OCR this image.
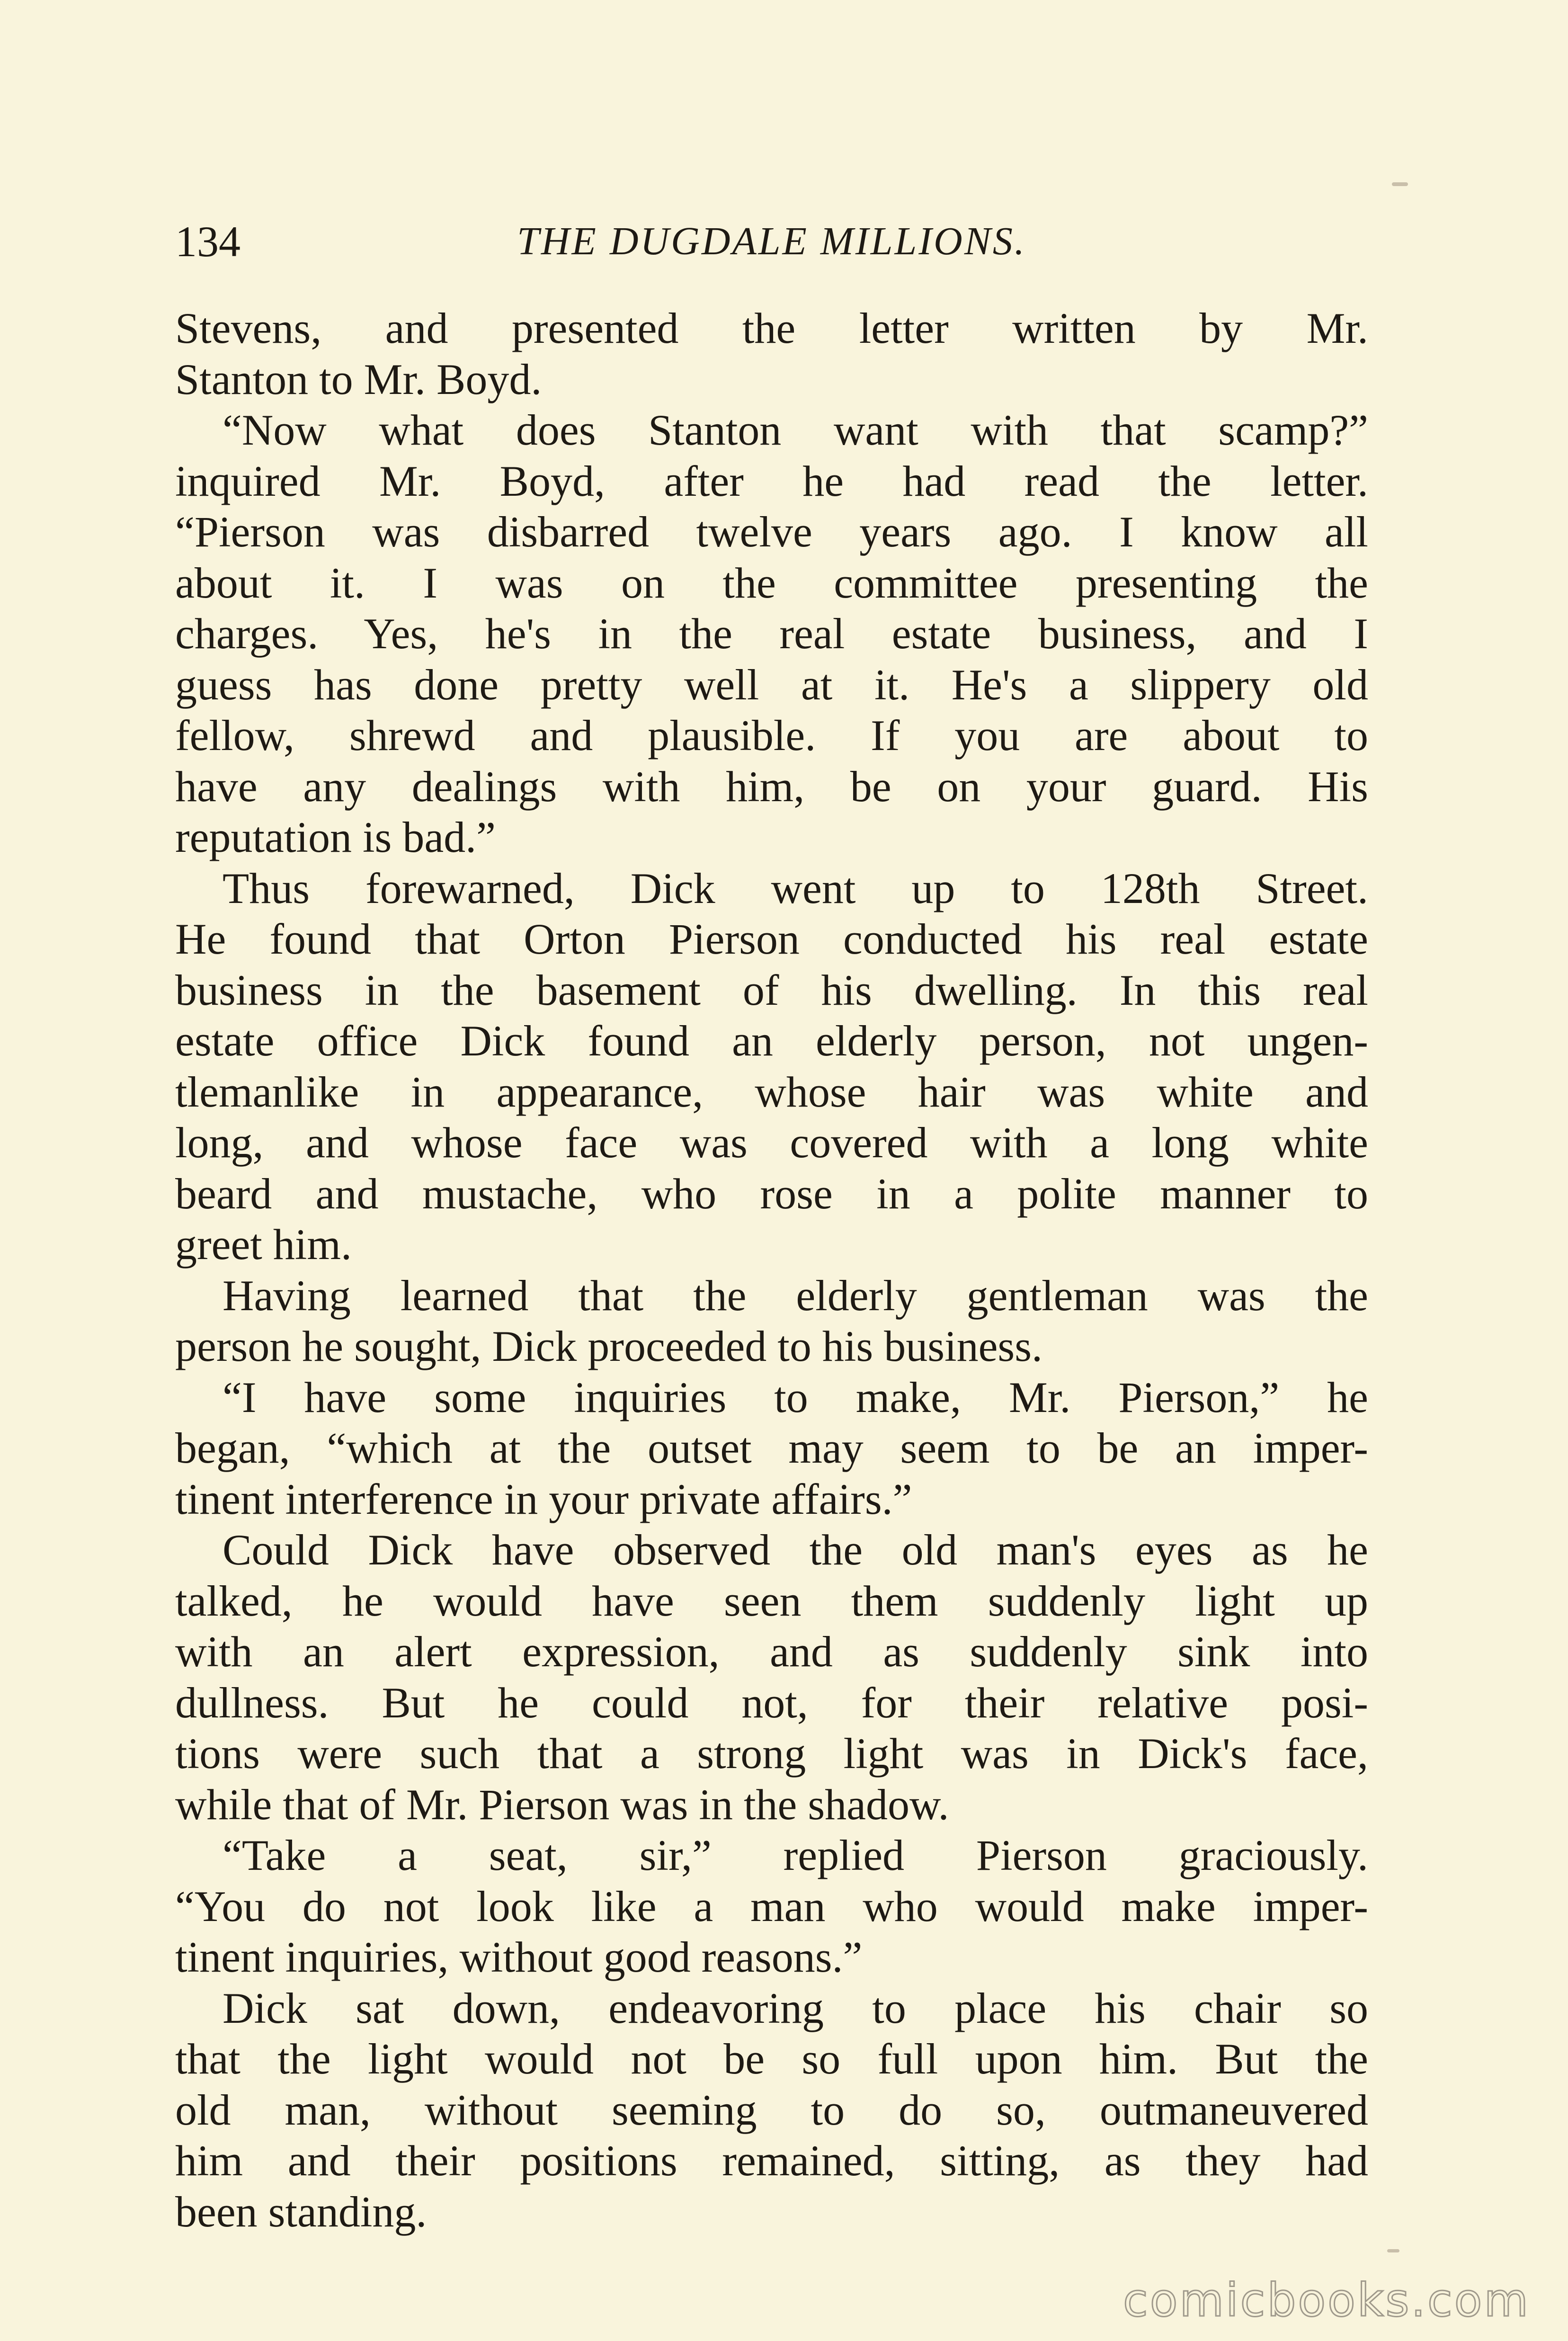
134	THE DUGDALE MILLIONS.
Stevens, and presented the letter written by Mr.
Stanton to Mr. Boyd.
“Now what does Stanton want with that scamp?”
inquired Mr. Boyd, after he had read the letter.
“Pierson was disbarred twelve years ago. I know all
about it. I was on the committee presenting the
charges. Yes, he's in the real estate business, and I
guess has done pretty well at it. He's a slippery old
fellow, shrewd and plausible. If you are about to
have any dealings with him, be on your guard. His
reputation is bad.”
Thus forewarned, Dick went up to 128th Street.
He found that Orton Pierson conducted his real estate
business in the basement of his dwelling. In this real
estate office Dick found an elderly person, not ungen-
tlemanlike in appearance, whose hair was white and
long, and whose face was covered with a long white
beard and mustache, who rose in a polite manner to
greet him.
Having learned that the elderly gentleman was the
person he sought, Dick proceeded to his business.
“I have some inquiries to make, Mr. Pierson,” he
began, “which at the outset may seem to be an imper-
tinent interference in your private affairs.”
Could Dick have observed the old man's eyes as he
talked, he would have seen them suddenly light up
with an alert expression, and as suddenly sink into
dullness. But he could not, for their relative posi-
tions were such that a strong light was in Dick's face,
while that of Mr. Pierson was in the shadow.
“Take a seat, sir,” replied Pierson graciously.
“You do not look like a man who would make imper-
tinent inquiries, without good reasons.”
Dick sat down, endeavoring to place his chair so
that the light would not be so full upon him. But the
old man, without seeming to do so, outmaneuvered
him and their positions remained, sitting, as they had
been standing.
comicbooks.com
